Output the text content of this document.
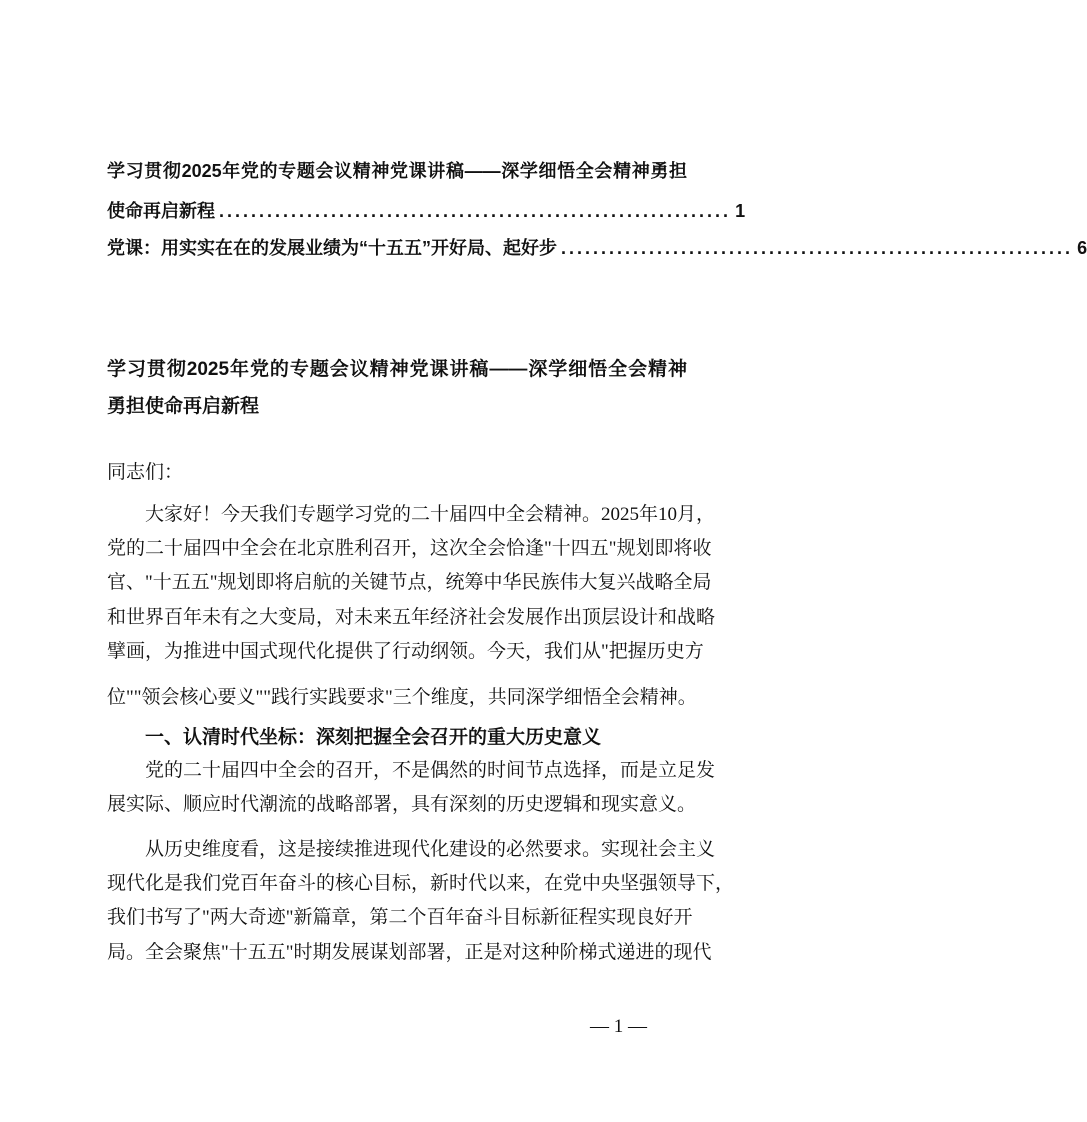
学习贯彻2025年党的专题会议精神党课讲稿——深学细悟全会精神勇担
使命再启新程 ................................................................ 1
党课：用实实在在的发展业绩为“十五五”开好局、起好步 ................................................................ 6
学习贯彻2025年党的专题会议精神党课讲稿——深学细悟全会精神
勇担使命再启新程
同志们：
大家好！今天我们专题学习党的二十届四中全会精神。2025年10月，
党的二十届四中全会在北京胜利召开，这次全会恰逢"十四五"规划即将收
官、"十五五"规划即将启航的关键节点，统筹中华民族伟大复兴战略全局
和世界百年未有之大变局，对未来五年经济社会发展作出顶层设计和战略
擘画，为推进中国式现代化提供了行动纲领。今天，我们从"把握历史方
位""领会核心要义""践行实践要求"三个维度，共同深学细悟全会精神。
一、认清时代坐标：深刻把握全会召开的重大历史意义
党的二十届四中全会的召开，不是偶然的时间节点选择，而是立足发
展实际、顺应时代潮流的战略部署，具有深刻的历史逻辑和现实意义。
从历史维度看，这是接续推进现代化建设的必然要求。实现社会主义
现代化是我们党百年奋斗的核心目标，新时代以来，在党中央坚强领导下，
我们书写了"两大奇迹"新篇章，第二个百年奋斗目标新征程实现良好开
局。全会聚焦"十五五"时期发展谋划部署，正是对这种阶梯式递进的现代
— 1 —
